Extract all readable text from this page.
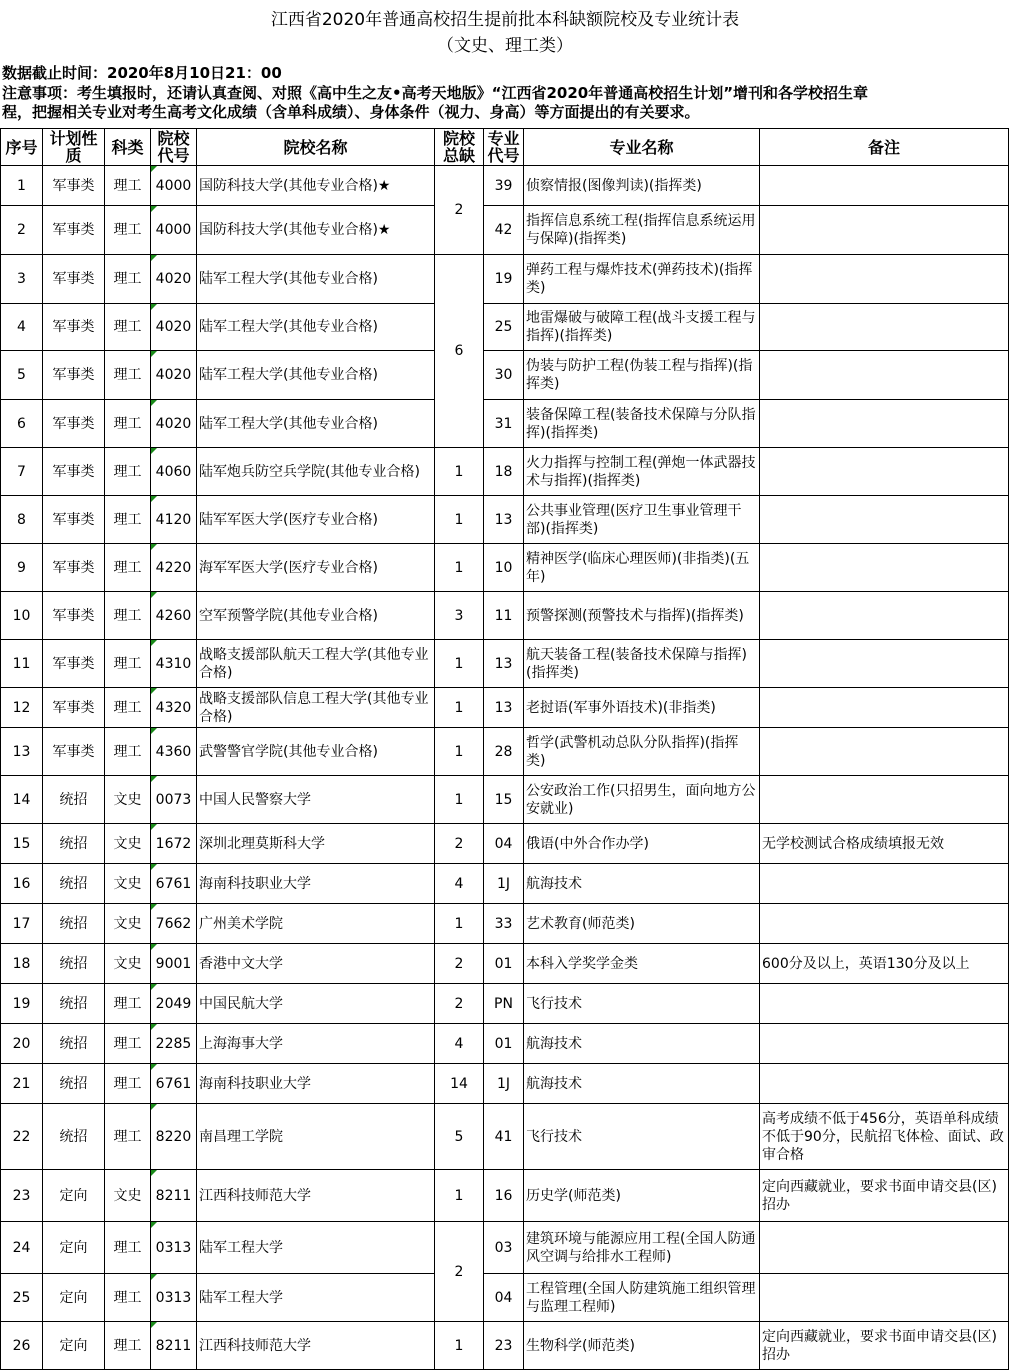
江西省2020年普通高校招生提前批本科缺额院校及专业统计表
（文史、理工类）
数据截止时间：2020年8月10日21：00
注意事项：考生填报时，还请认真查阅、对照《高中生之友•高考天地版》“江西省2020年普通高校招生计划”增刊和各学校招生章
程，把握相关专业对考生高考文化成绩（含单科成绩）、身体条件（视力、身高）等方面提出的有关要求。
序号	计划性质	科类	院校代号	院校名称	院校总缺	专业代号	专业名称	备注
1	军事类	理工	4000	国防科技大学(其他专业合格)★	2	39	侦察情报(图像判读)(指挥类)	
2	军事类	理工	4000	国防科技大学(其他专业合格)★		42	指挥信息系统工程(指挥信息系统运用与保障)(指挥类)	
3	军事类	理工	4020	陆军工程大学(其他专业合格)	6	19	弹药工程与爆炸技术(弹药技术)(指挥类)	
4	军事类	理工	4020	陆军工程大学(其他专业合格)		25	地雷爆破与破障工程(战斗支援工程与指挥)(指挥类)	
5	军事类	理工	4020	陆军工程大学(其他专业合格)		30	伪装与防护工程(伪装工程与指挥)(指挥类)	
6	军事类	理工	4020	陆军工程大学(其他专业合格)		31	装备保障工程(装备技术保障与分队指挥)(指挥类)	
7	军事类	理工	4060	陆军炮兵防空兵学院(其他专业合格)	1	18	火力指挥与控制工程(弹炮一体武器技术与指挥)(指挥类)	
8	军事类	理工	4120	陆军军医大学(医疗专业合格)	1	13	公共事业管理(医疗卫生事业管理干部)(指挥类)	
9	军事类	理工	4220	海军军医大学(医疗专业合格)	1	10	精神医学(临床心理医师)(非指类)(五年)	
10	军事类	理工	4260	空军预警学院(其他专业合格)	3	11	预警探测(预警技术与指挥)(指挥类)	
11	军事类	理工	4310	战略支援部队航天工程大学(其他专业合格)	1	13	航天装备工程(装备技术保障与指挥)(指挥类)	
12	军事类	理工	4320	战略支援部队信息工程大学(其他专业合格)	1	13	老挝语(军事外语技术)(非指类)	
13	军事类	理工	4360	武警警官学院(其他专业合格)	1	28	哲学(武警机动总队分队指挥)(指挥类)	
14	统招	文史	0073	中国人民警察大学	1	15	公安政治工作(只招男生，面向地方公安就业)	
15	统招	文史	1672	深圳北理莫斯科大学	2	04	俄语(中外合作办学)	无学校测试合格成绩填报无效
16	统招	文史	6761	海南科技职业大学	4	1J	航海技术	
17	统招	文史	7662	广州美术学院	1	33	艺术教育(师范类)	
18	统招	文史	9001	香港中文大学	2	01	本科入学奖学金类	600分及以上，英语130分及以上
19	统招	理工	2049	中国民航大学	2	PN	飞行技术	
20	统招	理工	2285	上海海事大学	4	01	航海技术	
21	统招	理工	6761	海南科技职业大学	14	1J	航海技术	
22	统招	理工	8220	南昌理工学院	5	41	飞行技术	高考成绩不低于456分，英语单科成绩不低于90分，民航招飞体检、面试、政审合格
23	定向	文史	8211	江西科技师范大学	1	16	历史学(师范类)	定向西藏就业，要求书面申请交县(区)招办
24	定向	理工	0313	陆军工程大学	2	03	建筑环境与能源应用工程(全国人防通风空调与给排水工程师)	
25	定向	理工	0313	陆军工程大学		04	工程管理(全国人防建筑施工组织管理与监理工程师)	
26	定向	理工	8211	江西科技师范大学	1	23	生物科学(师范类)	定向西藏就业，要求书面申请交县(区)招办
